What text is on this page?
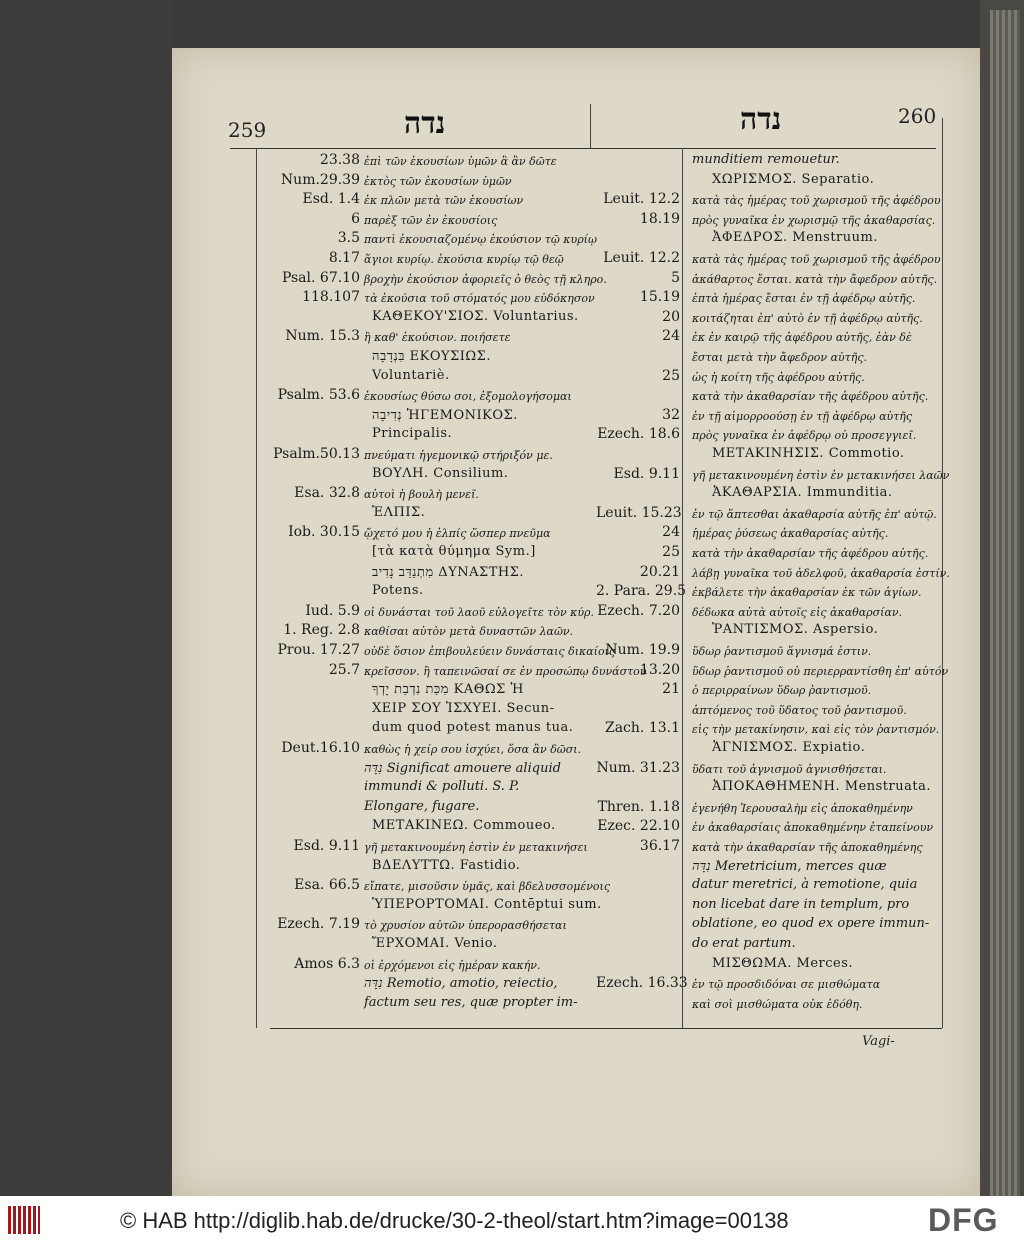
259	נדה	נדה	260
23.38 ἐπὶ τῶν ἑκουσίων ὑμῶν ἃ ἂν δῶτε
Num.29.39 ἐκτὸς τῶν ἑκουσίων ὑμῶν
Esd. 1.4 ἐκ πλῶν μετὰ τῶν ἑκουσίων
6 παρὲξ τῶν ἐν ἑκουσίοις
3.5 παντὶ ἑκουσιαζομένῳ ἑκούσιον τῷ κυρίῳ
8.17 ἅγιοι κυρίῳ. ἑκούσια κυρίῳ τῷ θεῷ
Psal. 67.10 βροχὴν ἑκούσιον ἀφοριεῖς ὁ θεὸς τῇ κληρο.
118.107 τὰ ἑκούσια τοῦ στόματός μου εὐδόκησον
ΚΑΘΕΚΟΥ'ΣΙΟΣ. Voluntarius.
Num. 15.3 ἢ καθ' ἑκούσιον. ποιήσετε
בִּנְדָבָה ΕΚΟΥΣΙΩΣ.
Voluntariè.
Psalm. 53.6 ἑκουσίως θύσω σοι, ἐξομολογήσομαι
נְדִיבָה ἩΓΕΜΟΝΙΚΟΣ.
Principalis.
Psalm.50.13 πνεύματι ἡγεμονικῷ στήριξόν με.
ΒΟΥΛΗ. Consilium.
Esa. 32.8 αὐτοὶ ἡ βουλὴ μενεῖ.
ἘΛΠΙΣ.
Iob. 30.15 ᾤχετό μου ἡ ἐλπίς ὥσπερ πνεῦμα
[τὰ κατὰ θύμημα Sym.]
מִתְנַדֵּב נָדִיב ΔΥΝΑΣΤΗΣ.
Potens.
Iud. 5.9 οἱ δυνάσται τοῦ λαοῦ εὐλογεῖτε τὸν κύρ.
1. Reg. 2.8 καθίσαι αὐτὸν μετὰ δυναστῶν λαῶν.
Prou. 17.27 οὐδὲ ὅσιον ἐπιβουλεύειν δυνάσταις δικαίοις
25.7 κρεῖσσον. ἢ ταπεινῶσαί σε ἐν προσώπῳ δυνάστου
מִכַּת נִדְבַת יָדְךָ ΚΑΘΩΣ Ἡ
ΧΕΙΡ ΣΟΥ ἸΣΧΥΕΙ. Secun-
dum quod potest manus tua.
Deut.16.10 καθὼς ἡ χείρ σου ἰσχύει, ὅσα ἂν δῶσι.
נִדָּה Significat amouere aliquid
immundi & polluti. S. P.
Elongare, fugare.
ΜΕΤΑΚΙΝΕΩ. Commoueo.
Esd. 9.11 γῆ μετακινουμένη ἐστὶν ἐν μετακινήσει
ΒΔΕΛΥΤΤΩ. Fastidio.
Esa. 66.5 εἴπατε, μισοῦσιν ὑμᾶς, καὶ βδελυσσομένοις
ὙΠΕΡΟΡΤΟΜΑΙ. Contēptui sum.
Ezech. 7.19 τὸ χρυσίον αὐτῶν ὑπερορασθήσεται
ἜΡΧΟΜΑΙ. Venio.
Amos 6.3 οἱ ἐρχόμενοι εἰς ἡμέραν κακήν.
נִדָּה Remotio, amotio, reiectio,
factum seu res, quæ propter im-
munditiem remouetur.
ΧΩΡΙΣΜΟΣ. Separatio.
Leuit. 12.2 κατὰ τὰς ἡμέρας τοῦ χωρισμοῦ τῆς ἀφέδρου
18.19 πρὸς γυναῖκα ἐν χωρισμῷ τῆς ἀκαθαρσίας.
ἈΦΕΔΡΟΣ. Menstruum.
Leuit. 12.2 κατὰ τὰς ἡμέρας τοῦ χωρισμοῦ τῆς ἀφέδρου
5 ἀκάθαρτος ἔσται. κατὰ τὴν ἄφεδρον αὐτῆς.
15.19 ἑπτὰ ἡμέρας ἔσται ἐν τῇ ἀφέδρῳ αὐτῆς.
20 κοιτάζηται ἐπ' αὐτὸ ἐν τῇ ἀφέδρῳ αὐτῆς.
24 ἐκ ἐν καιρῷ τῆς ἀφέδρου αὐτῆς, ἐὰν δὲ
ἔσται μετὰ τὴν ἄφεδρον αὐτῆς.
25 ὡς ἡ κοίτη τῆς ἀφέδρου αὐτῆς.
κατὰ τὴν ἀκαθαρσίαν τῆς ἀφέδρου αὐτῆς.
32 ἐν τῇ αἱμορροούσῃ ἐν τῇ ἀφέδρῳ αὐτῆς
Ezech. 18.6 πρὸς γυναῖκα ἐν ἀφέδρῳ οὐ προσεγγιεῖ.
ΜΕΤΑΚΙΝΗΣΙΣ. Commotio.
Esd. 9.11 γῆ μετακινουμένη ἐστὶν ἐν μετακινήσει λαῶν
ἈΚΑΘΑΡΣΙΑ. Immunditia.
Leuit. 15.23 ἐν τῷ ἅπτεσθαι ἀκαθαρσία αὐτῆς ἐπ' αὐτῷ.
24 ἡμέρας ῥύσεως ἀκαθαρσίας αὐτῆς.
25 κατὰ τὴν ἀκαθαρσίαν τῆς ἀφέδρου αὐτῆς.
20.21 λάβῃ γυναῖκα τοῦ ἀδελφοῦ, ἀκαθαρσία ἐστίν.
2. Para. 29.5 ἐκβάλετε τὴν ἀκαθαρσίαν ἐκ τῶν ἁγίων.
Ezech. 7.20 δέδωκα αὐτὰ αὐτοῖς εἰς ἀκαθαρσίαν.
ῬΑΝΤΙΣΜΟΣ. Aspersio.
Num. 19.9 ὕδωρ ῥαντισμοῦ ἅγνισμά ἐστιν.
13.20 ὕδωρ ῥαντισμοῦ οὐ περιερραντίσθη ἐπ' αὐτόν
21 ὁ περιρραίνων ὕδωρ ῥαντισμοῦ.
ἁπτόμενος τοῦ ὕδατος τοῦ ῥαντισμοῦ.
Zach. 13.1 εἰς τὴν μετακίνησιν, καὶ εἰς τὸν ῥαντισμόν.
ἉΓΝΙΣΜΟΣ. Expiatio.
Num. 31.23 ὕδατι τοῦ ἁγνισμοῦ ἁγνισθήσεται.
ἈΠΟΚΑΘΗΜΕΝΗ. Menstruata.
Thren. 1.18 ἐγενήθη Ἱερουσαλὴμ εἰς ἀποκαθημένην
Ezec. 22.10 ἐν ἀκαθαρσίαις ἀποκαθημένην ἐταπείνουν
36.17 κατὰ τὴν ἀκαθαρσίαν τῆς ἀποκαθημένης
נִדָּה Meretricium, merces quæ
datur meretrici, à remotione, quia
non licebat dare in templum, pro
oblatione, eo quod ex opere immun-
do erat partum.
ΜΙΣΘΩΜΑ. Merces.
Ezech. 16.33 ἐν τῷ προσδιδόναι σε μισθώματα
καὶ σοὶ μισθώματα οὐκ ἐδόθη.
Vagi-
© HAB http://diglib.hab.de/drucke/30-2-theol/start.htm?image=00138	DFG
